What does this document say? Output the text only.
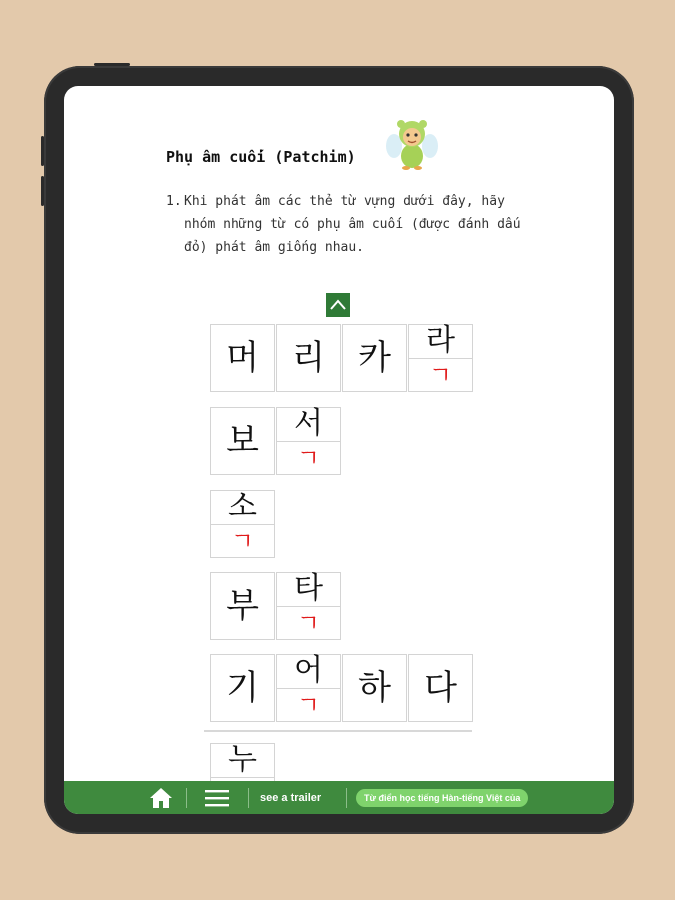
Phụ âm cuối (Patchim)
1. Khi phát âm các thẻ từ vựng dưới đây, hãy nhóm những từ có phụ âm cuối (được đánh dấu đỏ) phát âm giống nhau.
머 리 카	라
ㄱ
보	서
ㄱ
소
ㄱ
부	타
ㄱ
기	어
ㄱ	하 다
누
see a trailer	Từ điển học tiếng Hàn-tiếng Việt của
